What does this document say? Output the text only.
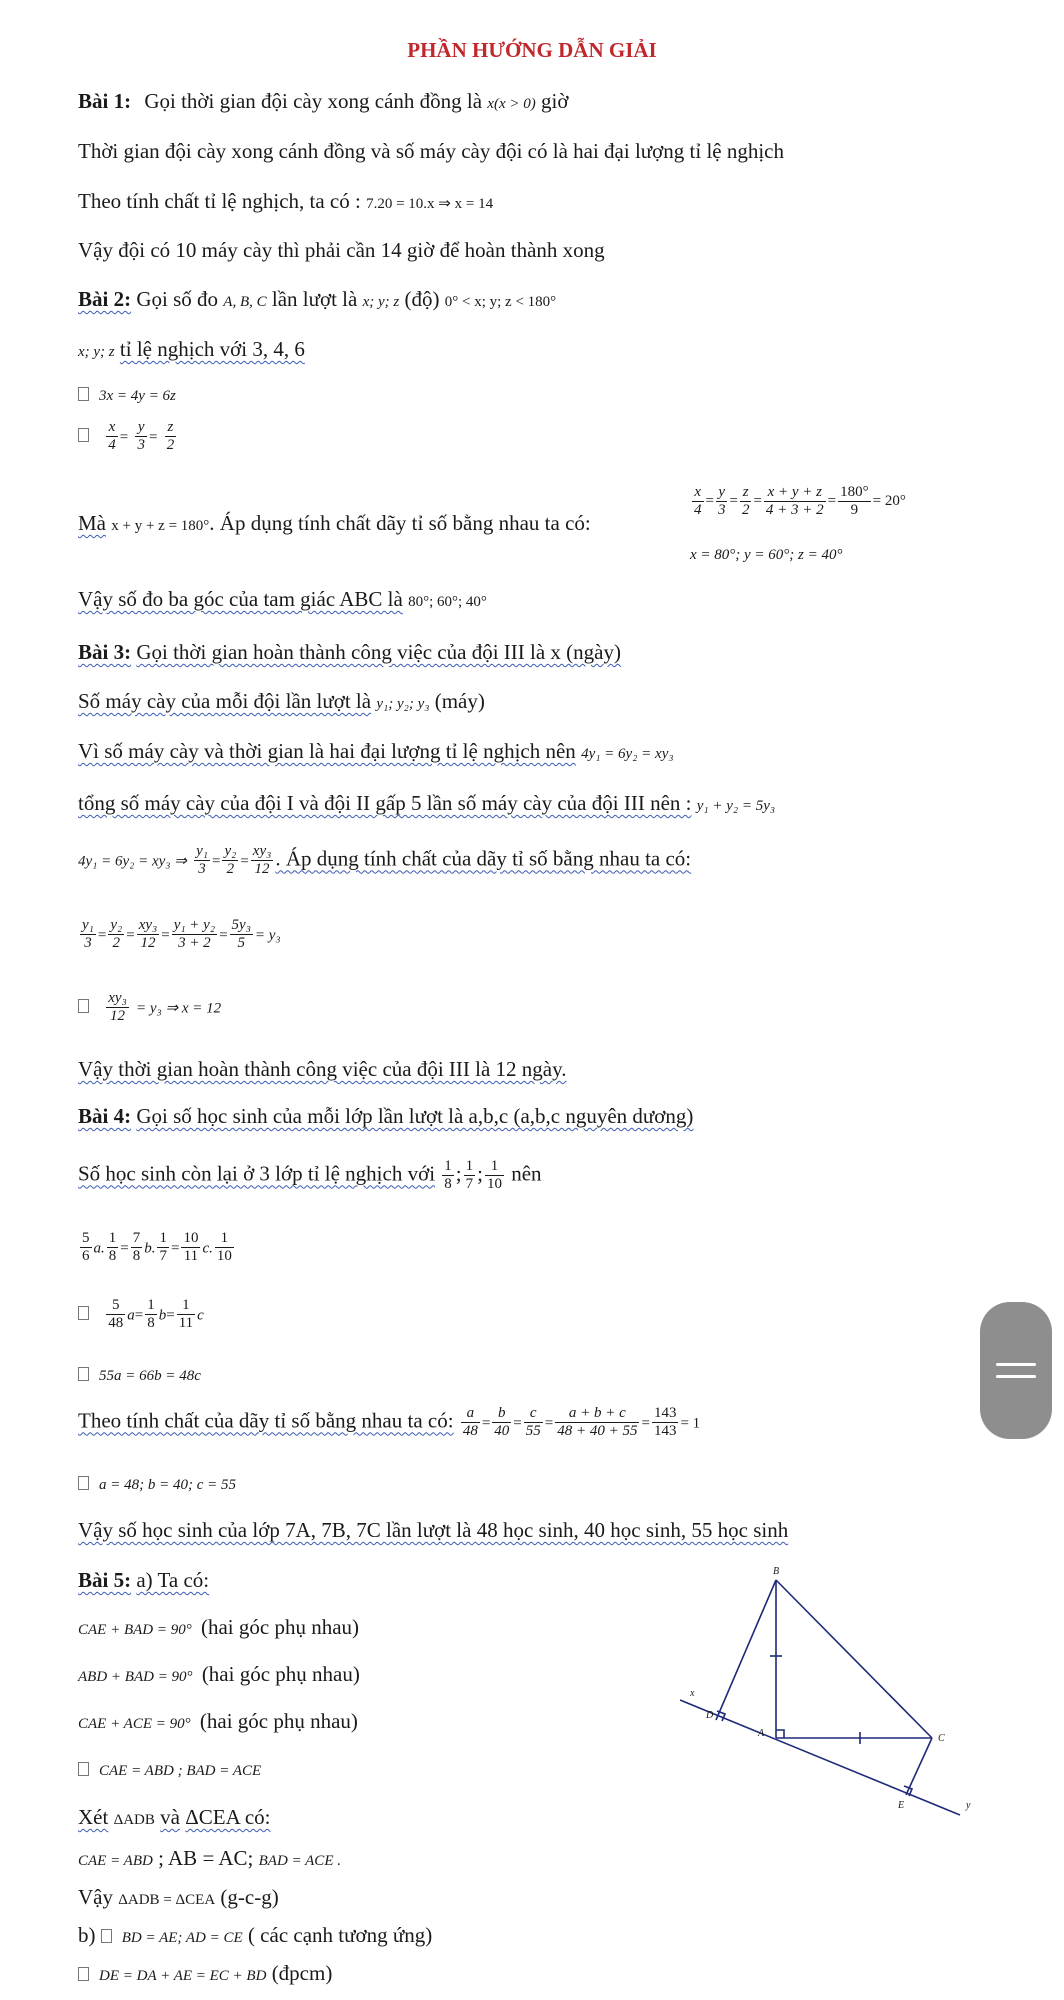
PHẦN HƯỚNG DẪN GIẢI
Bài 1: Gọi thời gian đội cày xong cánh đồng là x(x > 0) giờ
Thời gian đội cày xong cánh đồng và số máy cày đội có là hai đại lượng tỉ lệ nghịch
Theo tính chất tỉ lệ nghịch, ta có : 7.20 = 10.x ⇒ x = 14
Vậy đội có 10 máy cày thì phải cần 14 giờ để hoàn thành xong
Bài 2: Gọi số đo A, B, C lần lượt là x; y; z (độ) 0° < x; y; z < 180°
x; y; z tỉ lệ nghịch với 3, 4, 6
3x = 4y = 6z

$\frac{x}{4} = \frac{y}{3} = \frac{z}{2}$
Mà x + y + z = 180°. Áp dụng tính chất dãy tỉ số bằng nhau ta có:
$\frac{x}{4} = \frac{y}{3} = \frac{z}{2} = \frac{x + y + z}{4 + 3 + 2} = \frac{180^\circ}{9} = 20^\circ$
x = 80°; y = 60°; z = 40°
Vậy số đo ba góc của tam giác ABC là 80°; 60°; 40°
Bài 3: Gọi thời gian hoàn thành công việc của đội III là x (ngày)
Số máy cày của mỗi đội lần lượt là y₁; y₂; y₃ (máy)
Vì số máy cày và thời gian là hai đại lượng tỉ lệ nghịch nên 4y₁ = 6y₂ = xy₃
tổng số máy cày của đội I và đội II gấp 5 lần số máy cày của đội III nên : y₁ + y₂ = 5y₃
4y₁ = 6y₂ = xy₃ ⇒ $\frac{\text{y₁}}{3} = \frac{\text{y₂}}{2} = \frac{\text{xy₃}}{12}$ . Áp dụng tính chất của dãy tỉ số bằng nhau ta có:
$\frac{\text{y₁}}{3} = \frac{\text{y₂}}{2} = \frac{\text{xy₃}}{12} = \frac{\text{y₁ + y₂}}{3 + 2} = \frac{\text{5y₃}}{5} = y_3$

$\frac{\text{xy₃}}{12} = y_3$ ⇒ x = 12
Vậy thời gian hoàn thành công việc của đội III là 12 ngày.
Bài 4: Gọi số học sinh của mỗi lớp lần lượt là a,b,c (a,b,c nguyên dương)
Số học sinh còn lại ở 3 lớp tỉ lệ nghịch với $\frac{1}{8}$ ; $\frac{1}{7}$ ; $\frac{1}{10}$ nên
$\frac{5}{6} a$. $\frac{1}{8} = \frac{7}{8} b$. $\frac{1}{7} = \frac{10}{11} c$. $\frac{1}{10}$

$\frac{5}{48} a= \frac{1}{8} b= \frac{1}{11}$ c
55a = 66b = 48c
Theo tính chất của dãy tỉ số bằng nhau ta có: $\frac{a}{48} = \frac{b}{40} = \frac{c}{55} = \frac{a + b + c}{48 + 40 + 55} = \frac{143}{143} = 1$
a = 48; b = 40; c = 55
Vậy số học sinh của lớp 7A, 7B, 7C lần lượt là 48 học sinh, 40 học sinh, 55 học sinh
Bài 5: a) Ta có:
CAE + BAD = 90° (hai góc phụ nhau)
ABD + BAD = 90° (hai góc phụ nhau)
CAE + ACE = 90° (hai góc phụ nhau)
CAE = ABD ; BAD = ACE
Xét ΔADB và ΔCEA có:
CAE = ABD ; AB = AC; BAD = ACE .
Vậy ΔADB = ΔCEA (g-c-g)
b) BD = AE; AD = CE ( các cạnh tương ứng)
DE = DA + AE = EC + BD (đpcm)
B
x
D
A	C
E	y
